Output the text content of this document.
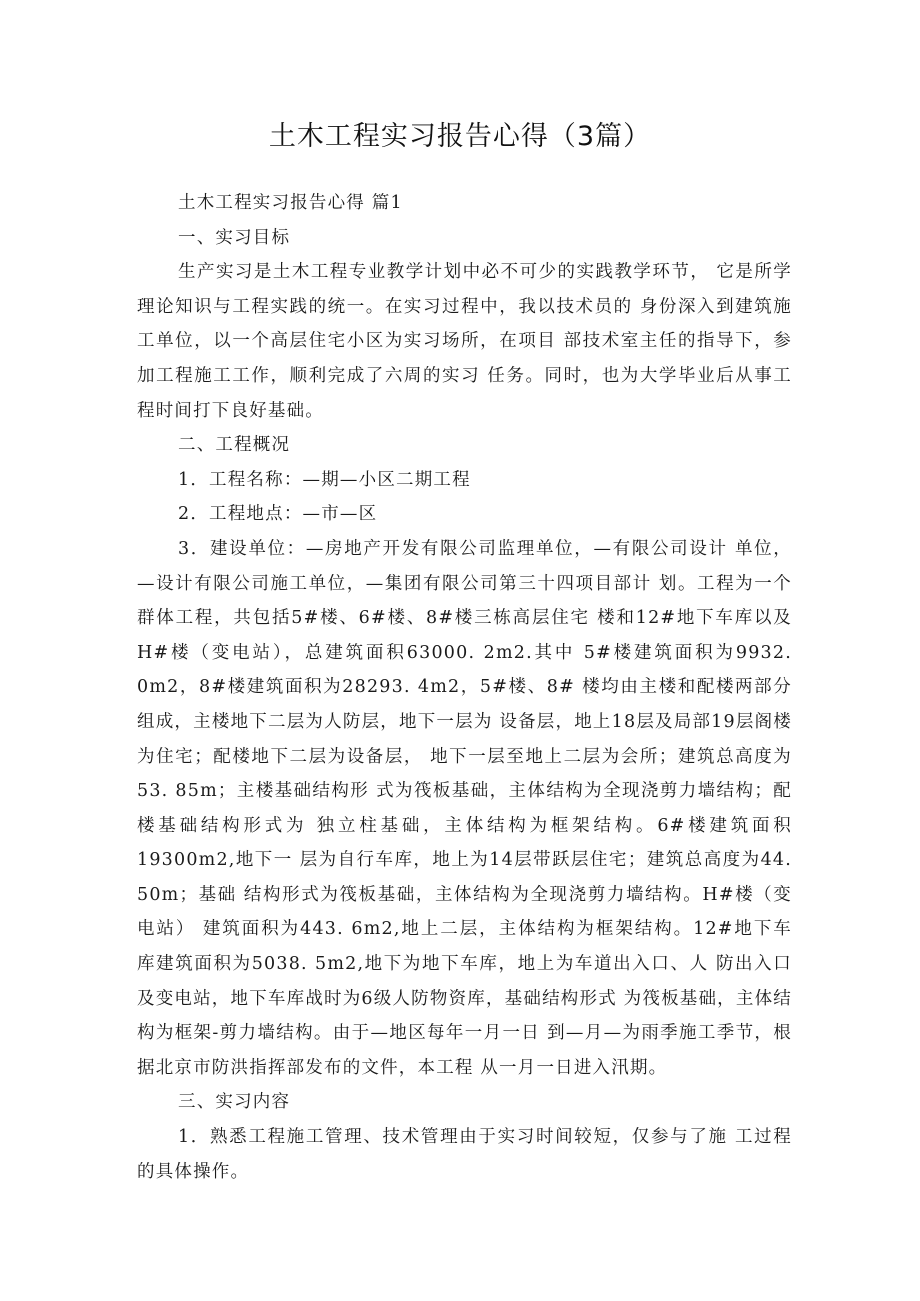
土木工程实习报告心得（3篇）

土木工程实习报告心得 篇1

一、实习目标

生产实习是土木工程专业教学计划中必不可少的实践教学环节， 它是所学理论知识与工程实践的统一。在实习过程中，我以技术员的 身份深入到建筑施工单位，以一个高层住宅小区为实习场所，在项目 部技术室主任的指导下，参加工程施工工作，顺利完成了六周的实习 任务。同时，也为大学毕业后从事工程时间打下良好基础。

二、工程概况

1．工程名称：—期—小区二期工程

2．工程地点：—市—区

3．建设单位：—房地产开发有限公司监理单位，—有限公司设计 单位，—设计有限公司施工单位，—集团有限公司第三十四项目部计 划。工程为一个群体工程，共包括5#楼、6#楼、8#楼三栋高层住宅 楼和12#地下车库以及H#楼（变电站），总建筑面积63000. 2m2.其中 5#楼建筑面积为9932. 0m2，8#楼建筑面积为28293. 4m2，5#楼、8# 楼均由主楼和配楼两部分组成，主楼地下二层为人防层，地下一层为 设备层，地上18层及局部19层阁楼为住宅；配楼地下二层为设备层， 地下一层至地上二层为会所；建筑总高度为53. 85m；主楼基础结构形 式为筏板基础，主体结构为全现浇剪力墙结构；配楼基础结构形式为 独立柱基础，主体结构为框架结构。6#楼建筑面积19300m2,地下一 层为自行车库，地上为14层带跃层住宅；建筑总高度为44. 50m；基础 结构形式为筏板基础，主体结构为全现浇剪力墙结构。H#楼（变电站） 建筑面积为443. 6m2,地上二层，主体结构为框架结构。12#地下车 库建筑面积为5038. 5m2,地下为地下车库，地上为车道出入口、人 防出入口及变电站，地下车库战时为6级人防物资库，基础结构形式 为筏板基础，主体结构为框架-剪力墙结构。由于—地区每年一月一日 到—月—为雨季施工季节，根据北京市防洪指挥部发布的文件，本工程 从一月一日进入汛期。

三、实习内容

1．熟悉工程施工管理、技术管理由于实习时间较短，仅参与了施 工过程的具体操作。
